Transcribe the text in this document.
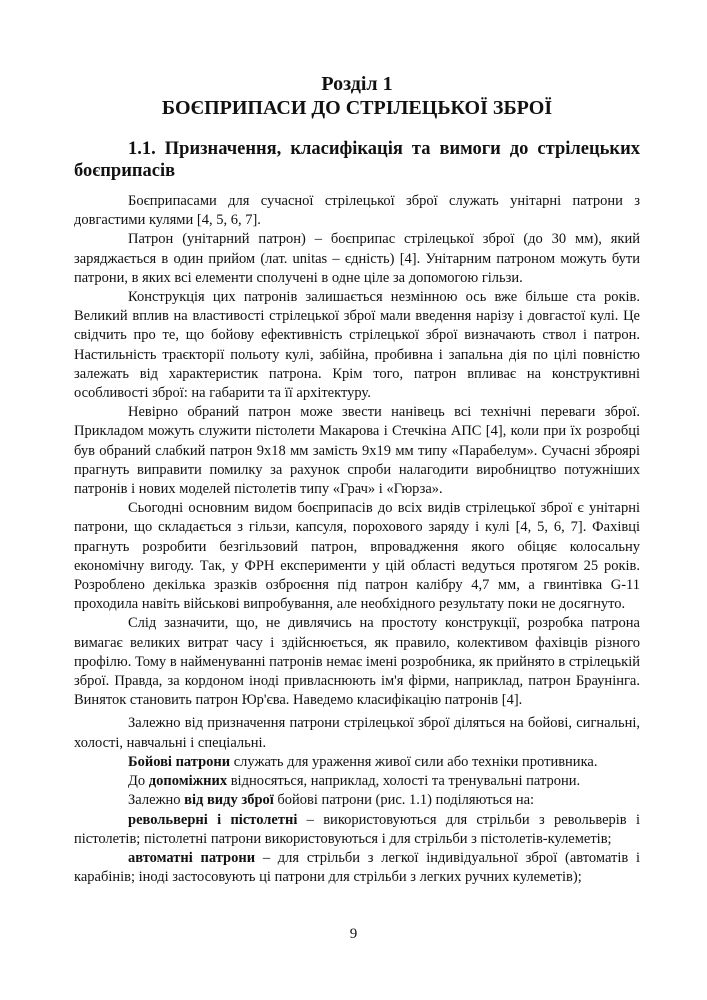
Розділ 1
БОЄПРИПАСИ ДО СТРІЛЕЦЬКОЇ ЗБРОЇ
1.1. Призначення, класифікація та вимоги до стрілецьких боєприпасів

Боєприпасами для сучасної стрілецької зброї служать унітарні патрони з довгастими кулями [4, 5, 6, 7].

Патрон (унітарний патрон) – боєприпас стрілецької зброї (до 30 мм), який заряджається в один прийом (лат. unitas – єдність) [4]. Унітарним патроном можуть бути патрони, в яких всі елементи сполучені в одне ціле за допомогою гільзи.

Конструкція цих патронів залишається незмінною ось вже більше ста років. Великий вплив на властивості стрілецької зброї мали введення нарізу і довгастої кулі. Це свідчить про те, що бойову ефективність стрілецької зброї визначають ствол і патрон. Настильність траєкторії польоту кулі, забійна, пробивна і запальна дія по цілі повністю залежать від характеристик патрона. Крім того, патрон впливає на конструктивні особливості зброї: на габарити та її архітектуру.

Невірно обраний патрон може звести нанівець всі технічні переваги зброї. Прикладом можуть служити пістолети Макарова і Стечкіна АПС [4], коли при їх розробці був обраний слабкий патрон 9х18 мм замість 9х19 мм типу «Парабелум». Сучасні зброярі прагнуть виправити помилку за рахунок спроби налагодити виробництво потужніших патронів і нових моделей пістолетів типу «Грач» і «Гюрза».

Сьогодні основним видом боєприпасів до всіх видів стрілецької зброї є унітарні патрони, що складається з гільзи, капсуля, порохового заряду і кулі [4, 5, 6, 7]. Фахівці прагнуть розробити безгільзовий патрон, впровадження якого обіцяє колосальну економічну вигоду. Так, у ФРН експерименти у цій області ведуться протягом 25 років. Розроблено декілька зразків озброєння під патрон калібру 4,7 мм, а гвинтівка G-11 проходила навіть військові випробування, але необхідного результату поки не досягнуто.

Слід зазначити, що, не дивлячись на простоту конструкції, розробка патрона вимагає великих витрат часу і здійснюється, як правило, колективом фахівців різного профілю. Тому в найменуванні патронів немає імені розробника, як прийнято в стрілецькій зброї. Правда, за кордоном іноді привласнюють ім'я фірми, наприклад, патрон Браунінга. Виняток становить патрон Юр'єва. Наведемо класифікацію патронів [4].

Залежно від призначення патрони стрілецької зброї діляться на бойові, сигнальні, холості, навчальні і спеціальні.

Бойові патрони служать для ураження живої сили або техніки противника.

До допоміжних відносяться, наприклад, холості та тренувальні патрони.

Залежно від виду зброї бойові патрони (рис. 1.1) поділяються на:

револьверні і пістолетні – використовуються для стрільби з револьверів і пістолетів; пістолетні патрони використовуються і для стрільби з пістолетів-кулеметів;

автоматні патрони – для стрільби з легкої індивідуальної зброї (автоматів і карабінів; іноді застосовують ці патрони для стрільби з легких ручних кулеметів);

9
